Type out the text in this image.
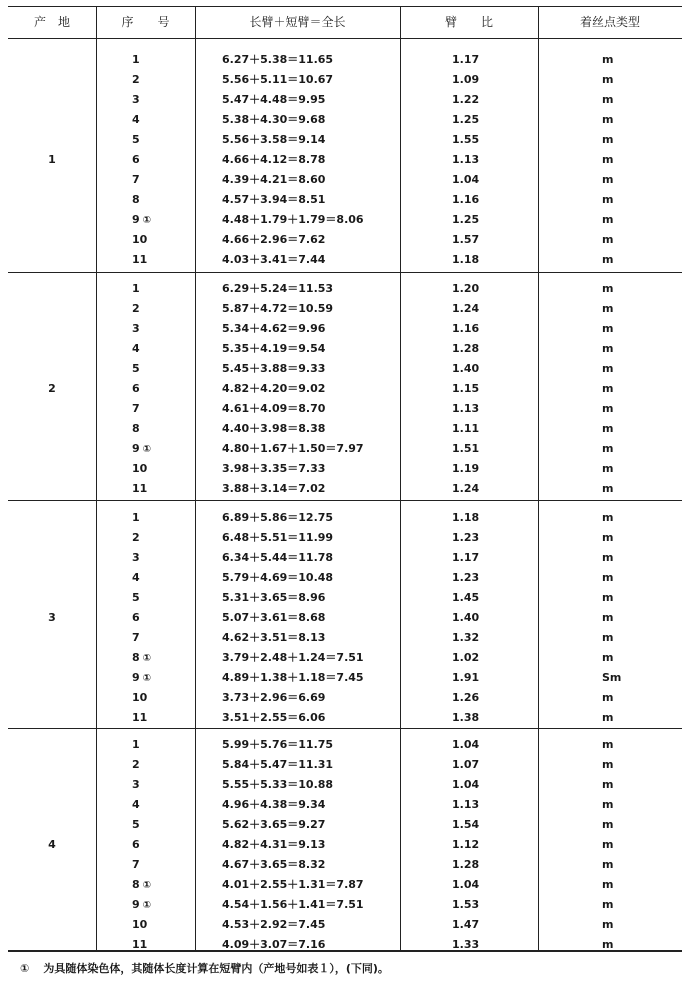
产　地	序　　号	长臂＋短臂＝全长	臂　　比	着丝点类型
1
1	6.27＋5.38＝11.65	1.17	m
2	5.56＋5.11＝10.67	1.09	m
3	5.47＋4.48＝9.95	1.22	m
4	5.38＋4.30＝9.68	1.25	m
5	5.56＋3.58＝9.14	1.55	m
6	4.66＋4.12＝8.78	1.13	m
7	4.39＋4.21＝8.60	1.04	m
8	4.57＋3.94＝8.51	1.16	m
9 ①	4.48＋1.79＋1.79＝8.06	1.25	m
10	4.66＋2.96＝7.62	1.57	m
11	4.03＋3.41＝7.44	1.18	m
2
1	6.29＋5.24＝11.53	1.20	m
2	5.87＋4.72＝10.59	1.24	m
3	5.34＋4.62＝9.96	1.16	m
4	5.35＋4.19＝9.54	1.28	m
5	5.45＋3.88＝9.33	1.40	m
6	4.82＋4.20＝9.02	1.15	m
7	4.61＋4.09＝8.70	1.13	m
8	4.40＋3.98＝8.38	1.11	m
9 ①	4.80＋1.67＋1.50＝7.97	1.51	m
10	3.98＋3.35＝7.33	1.19	m
11	3.88＋3.14＝7.02	1.24	m
3
1	6.89＋5.86＝12.75	1.18	m
2	6.48＋5.51＝11.99	1.23	m
3	6.34＋5.44＝11.78	1.17	m
4	5.79＋4.69＝10.48	1.23	m
5	5.31＋3.65＝8.96	1.45	m
6	5.07＋3.61＝8.68	1.40	m
7	4.62＋3.51＝8.13	1.32	m
8 ①	3.79＋2.48＋1.24＝7.51	1.02	m
9 ①	4.89＋1.38＋1.18＝7.45	1.91	Sm
10	3.73＋2.96＝6.69	1.26	m
11	3.51＋2.55＝6.06	1.38	m
4
1	5.99＋5.76＝11.75	1.04	m
2	5.84＋5.47＝11.31	1.07	m
3	5.55＋5.33＝10.88	1.04	m
4	4.96＋4.38＝9.34	1.13	m
5	5.62＋3.65＝9.27	1.54	m
6	4.82＋4.31＝9.13	1.12	m
7	4.67＋3.65＝8.32	1.28	m
8 ①	4.01＋2.55＋1.31＝7.87	1.04	m
9 ①	4.54＋1.56＋1.41＝7.51	1.53	m
10	4.53＋2.92＝7.45	1.47	m
11	4.09＋3.07＝7.16	1.33	m
① 为具随体染色体，其随体长度计算在短臂内（产地号如表１），(下同)。
